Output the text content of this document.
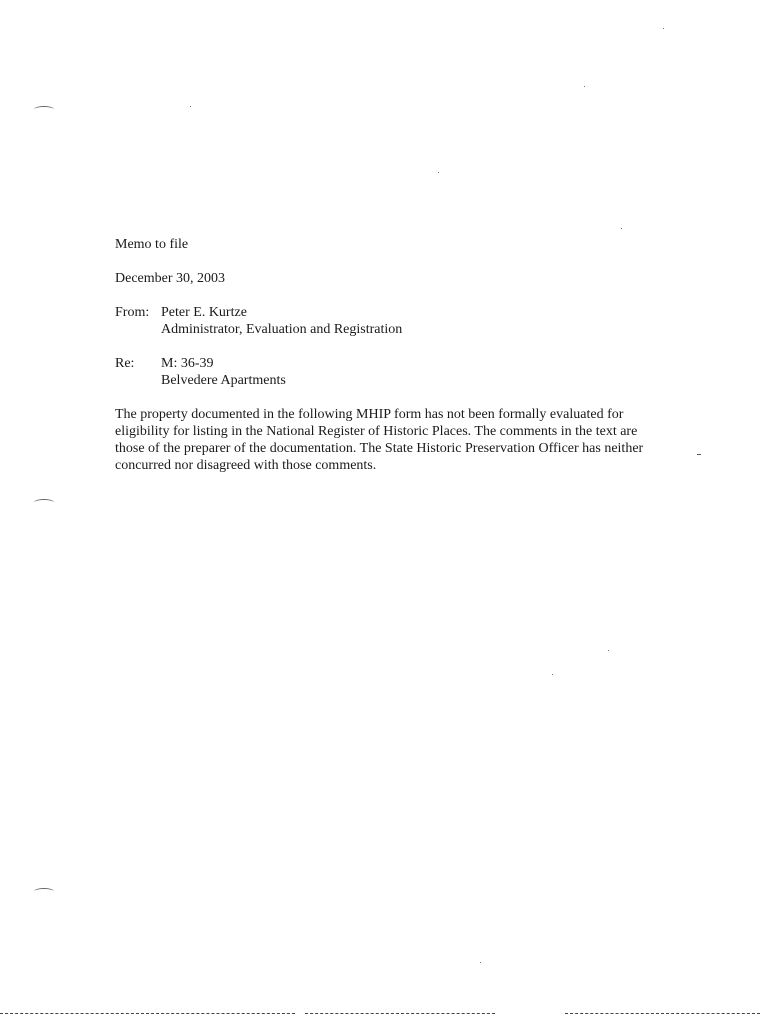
Memo to file

December 30, 2003

From: Peter E. Kurtze
Administrator, Evaluation and Registration
Re:	M: 36-39
Belvedere Apartments

The property documented in the following MHIP form has not been formally evaluated for eligibility for listing in the National Register of Historic Places. The comments in the text are those of the preparer of the documentation. The State Historic Preservation Officer has neither concurred nor disagreed with those comments.
